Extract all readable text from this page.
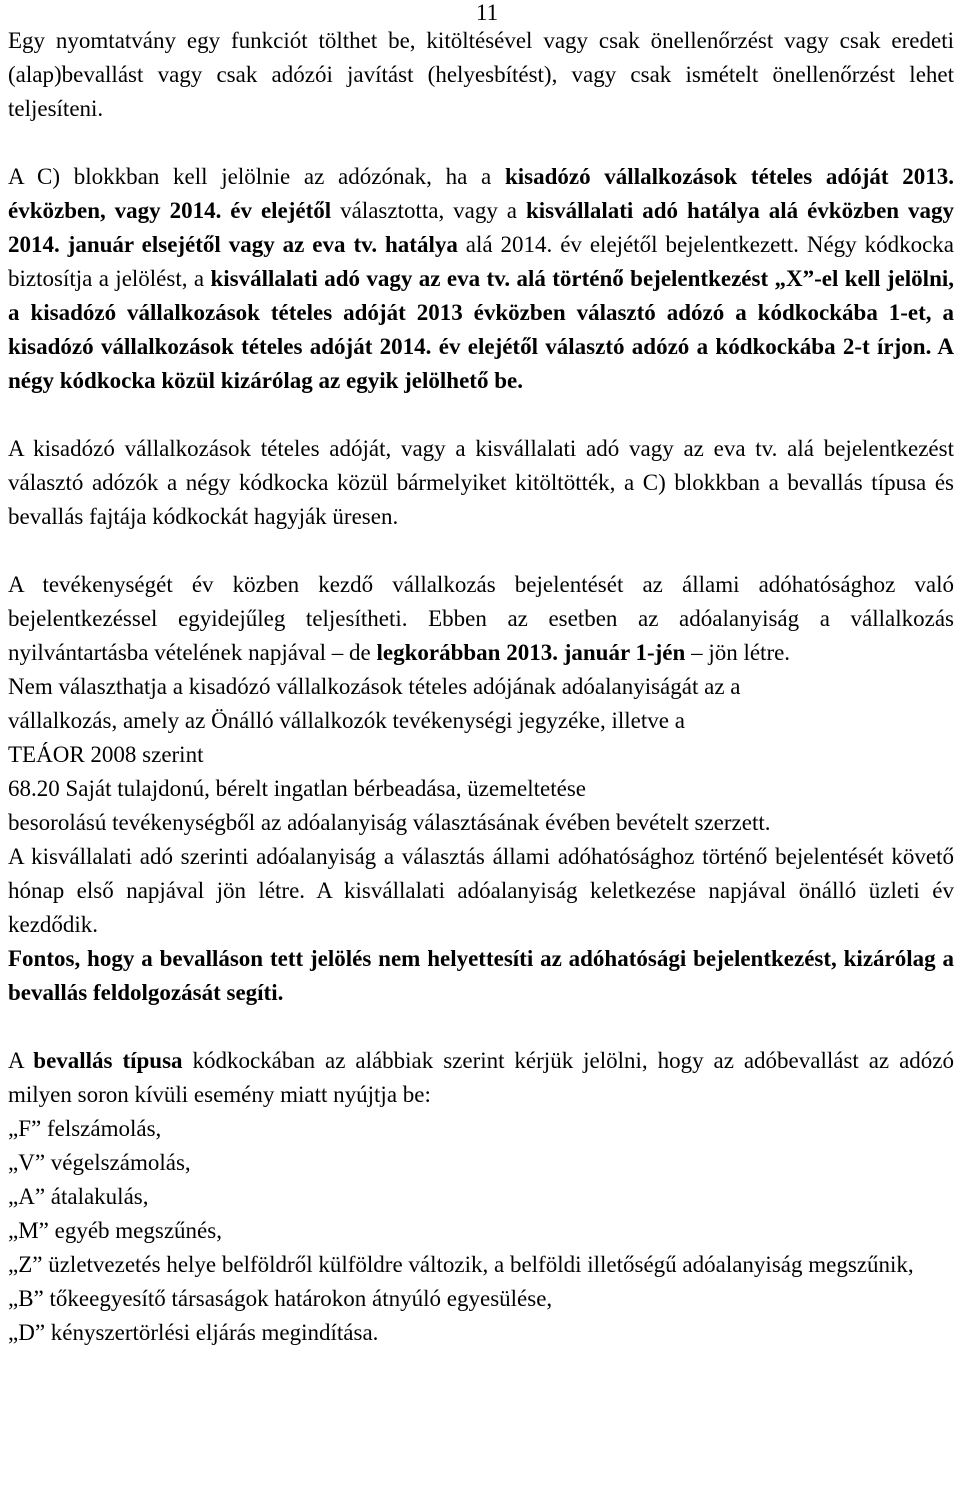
11

Egy nyomtatvány egy funkciót tölthet be, kitöltésével vagy csak önellenőrzést vagy csak eredeti (alap)bevallást vagy csak adózói javítást (helyesbítést), vagy csak ismételt önellenőrzést lehet teljesíteni.

A C) blokkban kell jelölnie az adózónak, ha a kisadózó vállalkozások tételes adóját 2013. évközben, vagy 2014. év elejétől választotta, vagy a kisvállalati adó hatálya alá évközben vagy 2014. január elsejétől vagy az eva tv. hatálya alá 2014. év elejétől bejelentkezett. Négy kódkocka biztosítja a jelölést, a kisvállalati adó vagy az eva tv. alá történő bejelentkezést „X”-el kell jelölni, a kisadózó vállalkozások tételes adóját 2013 évközben választó adózó a kódkockába 1-et, a kisadózó vállalkozások tételes adóját 2014. év elejétől választó adózó a kódkockába 2-t írjon. A négy kódkocka közül kizárólag az egyik jelölhető be.

A kisadózó vállalkozások tételes adóját, vagy a kisvállalati adó vagy az eva tv. alá bejelentkezést választó adózók a négy kódkocka közül bármelyiket kitöltötték, a C) blokkban a bevallás típusa és bevallás fajtája kódkockát hagyják üresen.

A tevékenységét év közben kezdő vállalkozás bejelentését az állami adóhatósághoz való bejelentkezéssel egyidejűleg teljesítheti. Ebben az esetben az adóalanyiság a vállalkozás nyilvántartásba vételének napjával – de legkorábban 2013. január 1-jén – jön létre.

Nem választhatja a kisadózó vállalkozások tételes adójának adóalanyiságát az a

vállalkozás, amely az Önálló vállalkozók tevékenységi jegyzéke, illetve a

TEÁOR 2008 szerint

68.20 Saját tulajdonú, bérelt ingatlan bérbeadása, üzemeltetése

besorolású tevékenységből az adóalanyiság választásának évében bevételt szerzett.

A kisvállalati adó szerinti adóalanyiság a választás állami adóhatósághoz történő bejelentését követő hónap első napjával jön létre. A kisvállalati adóalanyiság keletkezése napjával önálló üzleti év kezdődik.

Fontos, hogy a bevalláson tett jelölés nem helyettesíti az adóhatósági bejelentkezést, kizárólag a bevallás feldolgozását segíti.

A bevallás típusa kódkockában az alábbiak szerint kérjük jelölni, hogy az adóbevallást az adózó milyen soron kívüli esemény miatt nyújtja be:

„F” felszámolás,

„V” végelszámolás,

„A” átalakulás,

„M” egyéb megszűnés,

„Z” üzletvezetés helye belföldről külföldre változik, a belföldi illetőségű adóalanyiság megszűnik,

„B” tőkeegyesítő társaságok határokon átnyúló egyesülése,

„D” kényszertörlési eljárás megindítása.
